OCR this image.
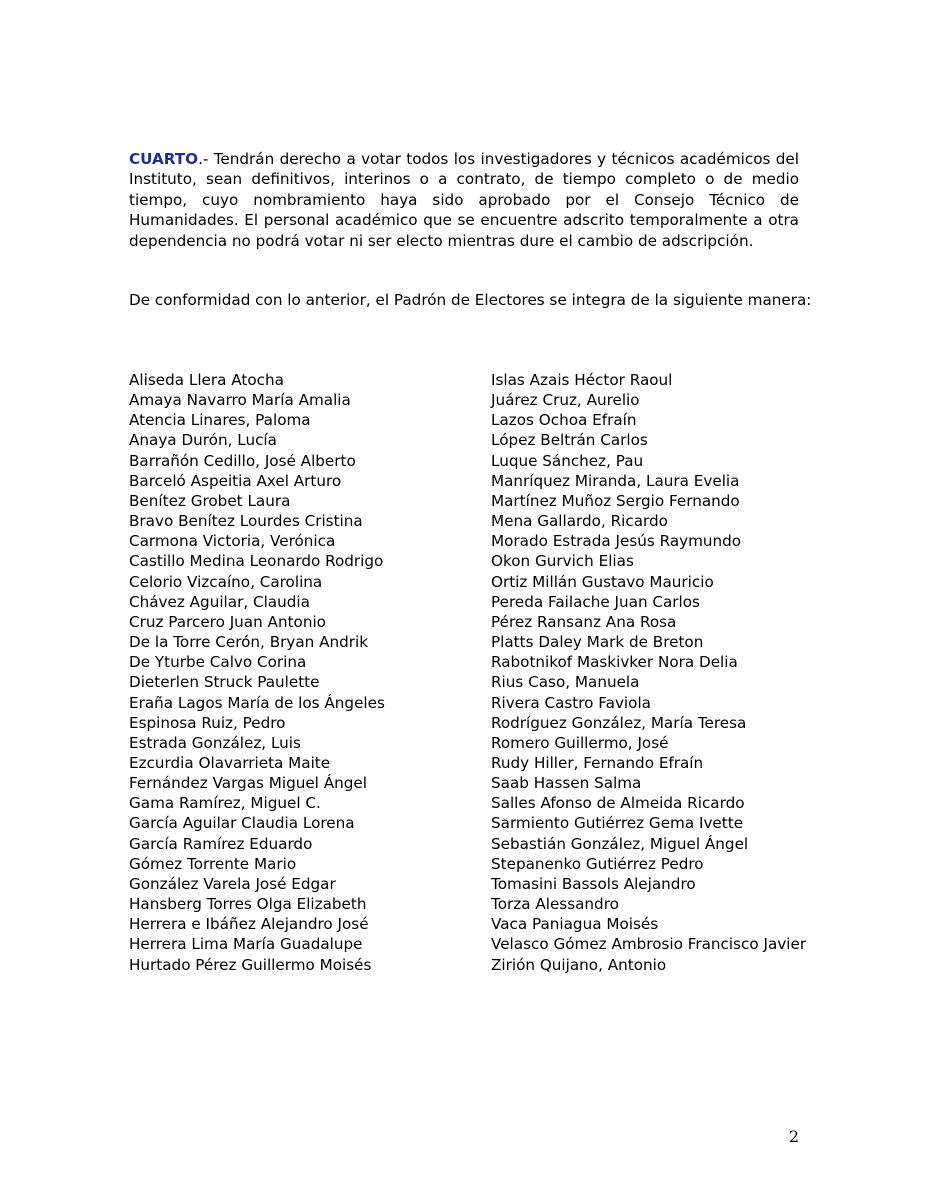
CUARTO.- Tendrán derecho a votar todos los investigadores y técnicos académicos del Instituto, sean definitivos, interinos o a contrato, de tiempo completo o de medio tiempo, cuyo nombramiento haya sido aprobado por el Consejo Técnico de Humanidades. El personal académico que se encuentre adscrito temporalmente a otra dependencia no podrá votar ni ser electo mientras dure el cambio de adscripción.

De conformidad con lo anterior, el Padrón de Electores se integra de la siguiente manera:

Aliseda Llera Atocha
Amaya Navarro María Amalia
Atencia Linares, Paloma
Anaya Durón, Lucía
Barrañón Cedillo, José Alberto
Barceló Aspeitia Axel Arturo
Benítez Grobet Laura
Bravo Benítez Lourdes Cristina
Carmona Victoria, Verónica
Castillo Medina Leonardo Rodrigo
Celorio Vizcaíno, Carolina
Chávez Aguilar, Claudia
Cruz Parcero Juan Antonio
De la Torre Cerón, Bryan Andrik
De Yturbe Calvo Corina
Dieterlen Struck Paulette
Eraña Lagos María de los Ángeles
Espinosa Ruiz, Pedro
Estrada González, Luis
Ezcurdia Olavarrieta Maite
Fernández Vargas Miguel Ángel
Gama Ramírez, Miguel C.
García Aguilar Claudia Lorena
García Ramírez Eduardo
Gómez Torrente Mario
González Varela José Edgar
Hansberg Torres Olga Elizabeth
Herrera e Ibáñez Alejandro José
Herrera Lima María Guadalupe
Hurtado Pérez Guillermo Moisés
Islas Azais Héctor Raoul
Juárez Cruz, Aurelio
Lazos Ochoa Efraín
López Beltrán Carlos
Luque Sánchez, Pau
Manríquez Miranda, Laura Evelia
Martínez Muñoz Sergio Fernando
Mena Gallardo, Ricardo
Morado Estrada Jesús Raymundo
Okon Gurvich Elias
Ortiz Millán Gustavo Mauricio
Pereda Failache Juan Carlos
Pérez Ransanz Ana Rosa
Platts Daley Mark de Breton
Rabotnikof Maskivker Nora Delia
Rius Caso, Manuela
Rivera Castro Faviola
Rodríguez González, María Teresa
Romero Guillermo, José
Rudy Hiller, Fernando Efraín
Saab Hassen Salma
Salles Afonso de Almeida Ricardo
Sarmiento Gutiérrez Gema Ivette
Sebastián González, Miguel Ángel
Stepanenko Gutiérrez Pedro
Tomasini Bassols Alejandro
Torza Alessandro
Vaca Paniagua Moisés
Velasco Gómez Ambrosio Francisco Javier
Zirión Quijano, Antonio
2
